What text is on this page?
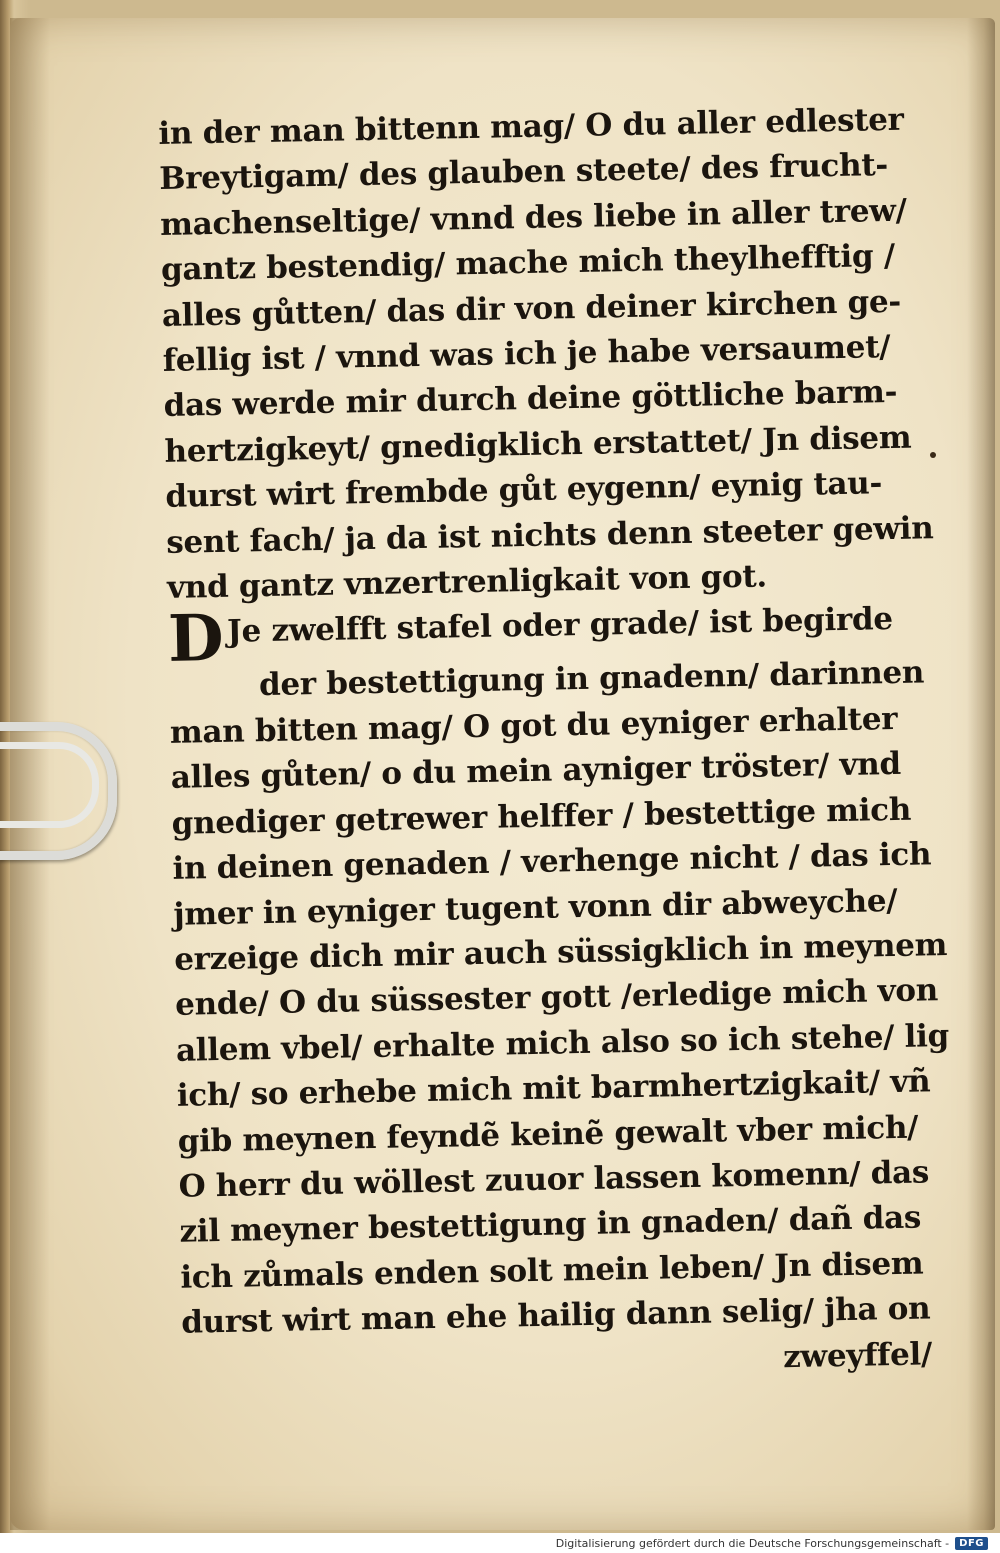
in der man bittenn mag/ O du aller edlester
Breytigam/ des glauben steete/ des frucht-
machenseltige/ vnnd des liebe in aller trew/
gantz bestendig/ mache mich theylhefftig /
alles gůtten/ das dir von deiner kirchen ge-
fellig ist / vnnd was ich je habe versaumet/
das werde mir durch deine göttliche barm-
hertzigkeyt/ gnedigklich erstattet/ Jn disem
durst wirt frembde gůt eygenn/ eynig tau-
sent fach/ ja da ist nichts denn steeter gewin
vnd gantz vnzertrenligkait von got.
DJe zwelfft stafel oder grade/ ist begirde
der bestettigung in gnadenn/ darinnen
man bitten mag/ O got du eyniger erhalter
alles gůten/ o du mein ayniger tröster/ vnd
gnediger getrewer helffer / bestettige mich
in deinen genaden / verhenge nicht / das ich
jmer in eyniger tugent vonn dir abweyche/
erzeige dich mir auch süssigklich in meynem
ende/ O du süssester gott /erledige mich von
allem vbel/ erhalte mich also so ich stehe/ lig
ich/ so erhebe mich mit barmhertzigkait/ vñ
gib meynen feyndẽ keinẽ gewalt vber mich/
O herr du wöllest zuuor lassen komenn/ das
zil meyner bestettigung in gnaden/ dañ das
ich zůmals enden solt mein leben/ Jn disem
durst wirt man ehe hailig dann selig/ jha on
zweyffel/
Digitalisierung gefördert durch die Deutsche Forschungsgemeinschaft -	DFG
